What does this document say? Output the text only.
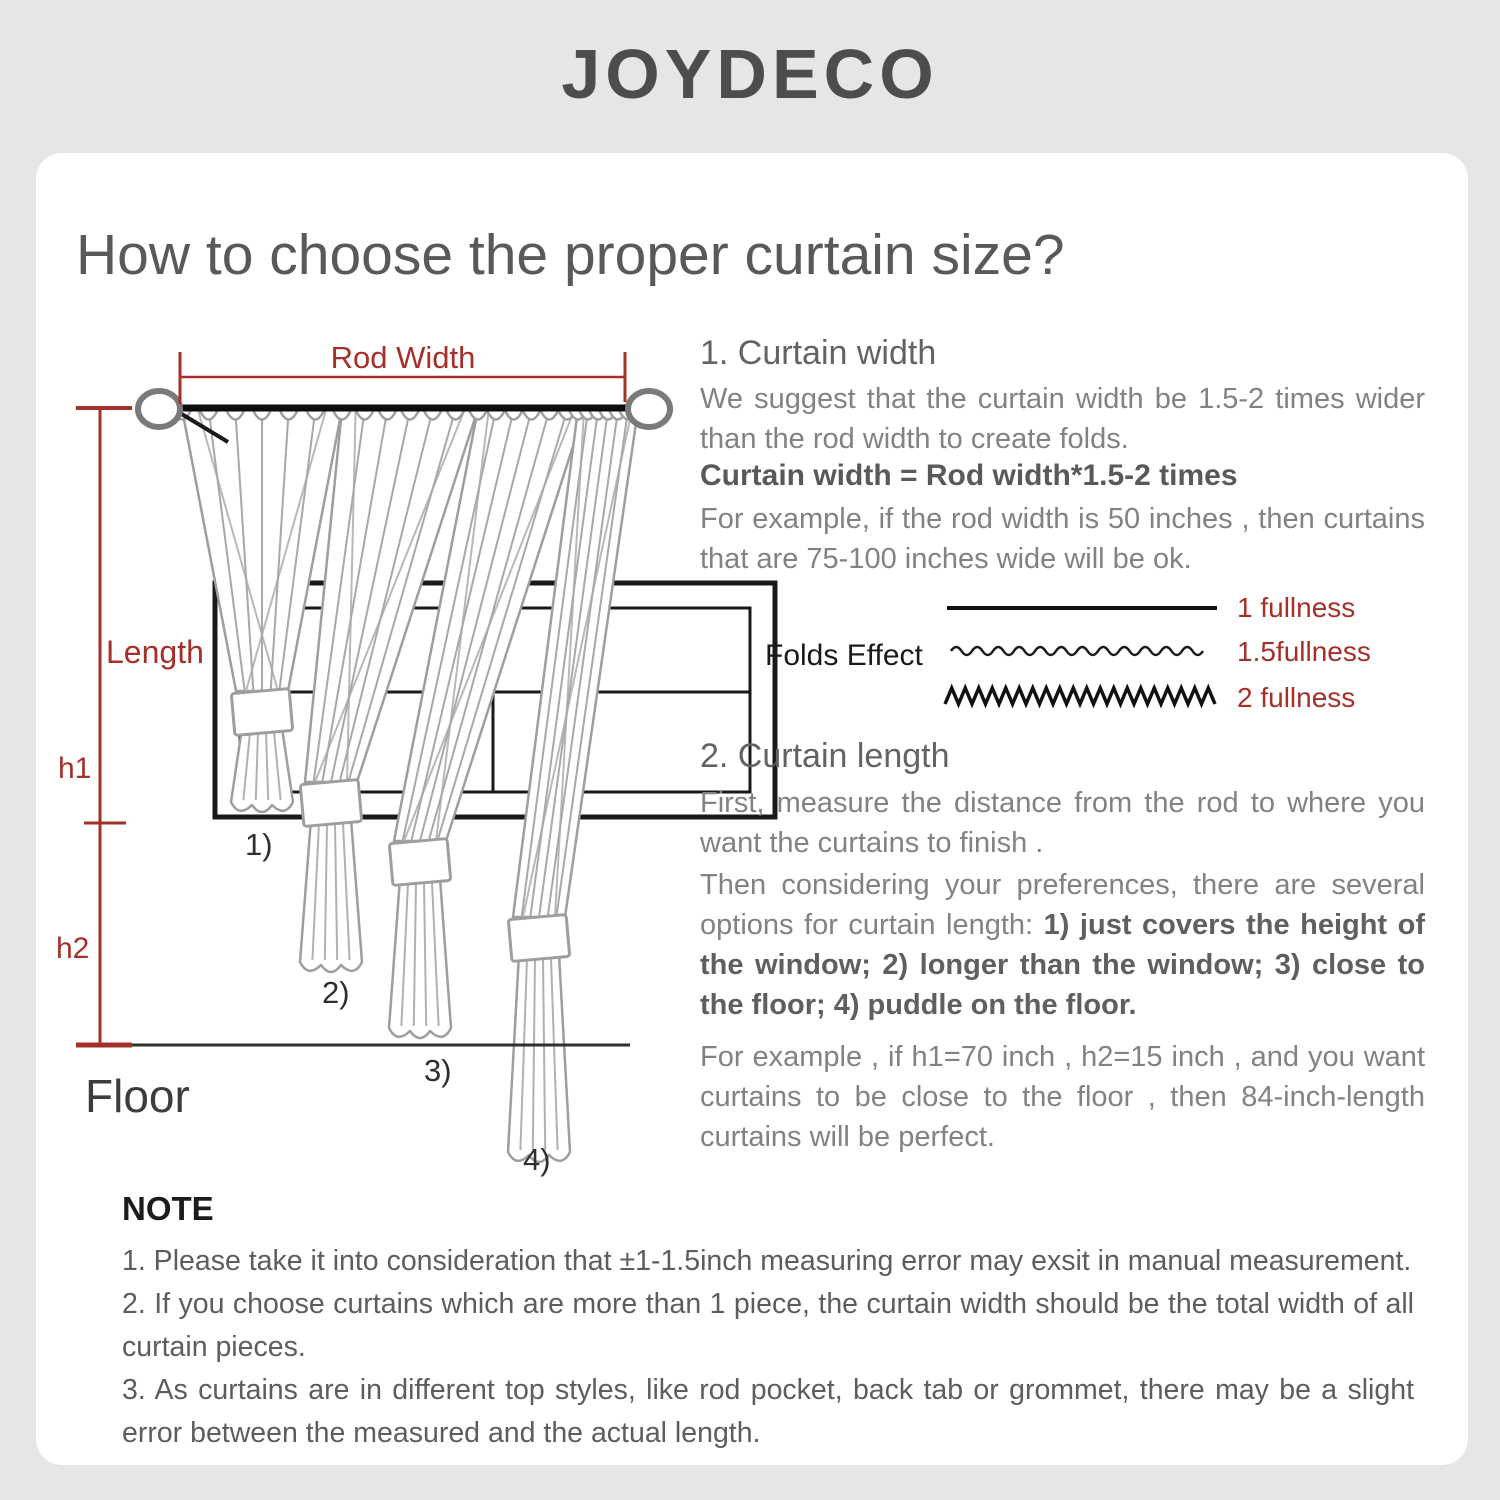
JOYDECO
How to choose the proper curtain size?
Rod Width
Length
h1
h2
Floor
1)
2)
3)
4)
1. Curtain width
We suggest that the curtain width be 1.5-2 times wider than the rod width to create folds.
Curtain width = Rod width*1.5-2 times
For example, if the rod width is 50 inches , then curtains that are 75-100 inches wide will be ok.
Folds Effect
1 fullness
1.5fullness
2 fullness
2. Curtain length
First, measure the distance from the rod to where you want the curtains to finish .
Then considering your preferences, there are several options for curtain length: 1) just covers the height of the window; 2) longer than the window; 3) close to the floor; 4) puddle on the floor.
For example , if h1=70 inch , h2=15 inch , and you want curtains to be close to the floor , then 84-inch-length curtains will be perfect.
NOTE
1. Please take it into consideration that ±1-1.5inch measuring error may exsit in manual measurement.
2. If you choose curtains which are more than 1 piece, the curtain width should be the total width of all curtain pieces.
3. As curtains are in different top styles, like rod pocket, back tab or grommet, there may be a slight error between the measured and the actual length.
